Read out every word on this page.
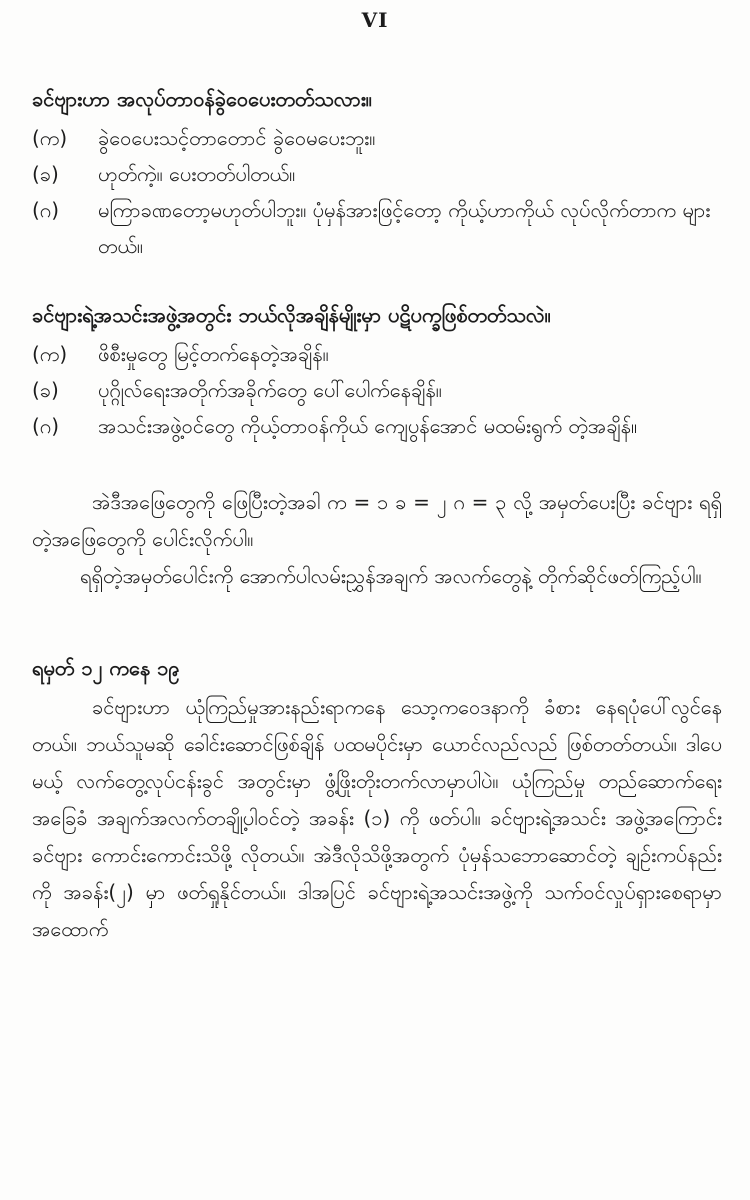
VI
ခင်ဗျားဟာ အလုပ်တာဝန်ခွဲဝေပေးတတ်သလား။
(က)	ခွဲဝေပေးသင့်တာတောင် ခွဲဝေမပေးဘူး။
(ခ)	ဟုတ်ကဲ့။ ပေးတတ်ပါတယ်။
(ဂ)	မကြာခဏတော့မဟုတ်ပါဘူး။ ပုံမှန်အားဖြင့်တော့ ကိုယ့်ဟာကိုယ် လုပ်လိုက်တာက များတယ်။
ခင်ဗျားရဲ့အသင်းအဖွဲ့အတွင်း ဘယ်လိုအချိန်မျိုးမှာ ပဋိပက္ခဖြစ်တတ်သလဲ။
(က)	ဖိစီးမှုတွေ မြင့်တက်နေတဲ့အချိန်။
(ခ)	ပုဂ္ဂိုလ်ရေးအတိုက်အခိုက်တွေ ပေါ်ပေါက်နေချိန်။
(ဂ)	အသင်းအဖွဲ့ဝင်တွေ ကိုယ့်တာဝန်ကိုယ် ကျေပွန်အောင် မထမ်းရွက် တဲ့အချိန်။

အဲဒီအဖြေတွေကို ဖြေပြီးတဲ့အခါ က = ၁ ခ = ၂ ဂ = ၃ လို့ အမှတ်ပေးပြီး ခင်ဗျား ရရှိတဲ့အဖြေတွေကို ပေါင်းလိုက်ပါ။

ရရှိတဲ့အမှတ်ပေါင်းကို အောက်ပါလမ်းညွှန်အချက် အလက်တွေနဲ့ တိုက်ဆိုင်ဖတ်ကြည့်ပါ။

ရမှတ် ၁၂ ကနေ ၁၉

ခင်ဗျားဟာ ယုံကြည်မှုအားနည်းရာကနေ သော့ကဝေဒနာကို ခံစား နေရပုံပေါ်လွင်နေတယ်။ ဘယ်သူမဆို ခေါင်းဆောင်ဖြစ်ချိန် ပထမပိုင်းမှာ ယောင်လည်လည် ဖြစ်တတ်တယ်။ ဒါပေမယ့် လက်တွေ့လုပ်ငန်းခွင် အတွင်းမှာ ဖွံ့ဖြိုးတိုးတက်လာမှာပါပဲ။ ယုံကြည်မှု တည်ဆောက်ရေးအခြေခံ အချက်အလက်တချို့ပါဝင်တဲ့ အခန်း (၁) ကို ဖတ်ပါ။ ခင်ဗျားရဲ့အသင်း အဖွဲ့အကြောင်း ခင်ဗျား ကောင်းကောင်းသိဖို့ လိုတယ်။ အဲဒီလိုသိဖို့အတွက် ပုံမှန်သဘောဆောင်တဲ့ ချဉ်းကပ်နည်းကို အခန်း(၂) မှာ ဖတ်ရှုနိုင်တယ်။ ဒါအပြင် ခင်ဗျားရဲ့အသင်းအဖွဲ့ကို သက်ဝင်လှုပ်ရှားစေရာမှာ အထောက်
